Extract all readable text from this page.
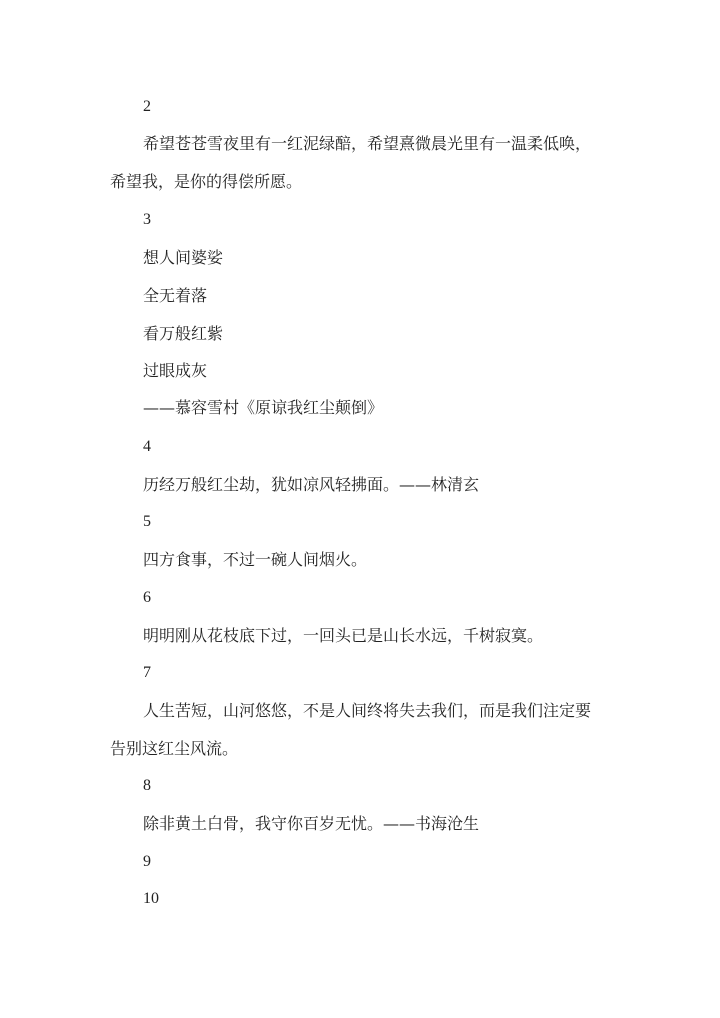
2
希望苍苍雪夜里有一红泥绿醅，希望熹微晨光里有一温柔低唤，
希望我，是你的得偿所愿。
3
想人间婆娑
全无着落
看万般红紫
过眼成灰
——慕容雪村《原谅我红尘颠倒》
4
历经万般红尘劫，犹如凉风轻拂面。——林清玄
5
四方食事，不过一碗人间烟火。
6
明明刚从花枝底下过，一回头已是山长水远，千树寂寞。
7
人生苦短，山河悠悠，不是人间终将失去我们，而是我们注定要
告别这红尘风流。
8
除非黄土白骨，我守你百岁无忧。——书海沧生
9
10
